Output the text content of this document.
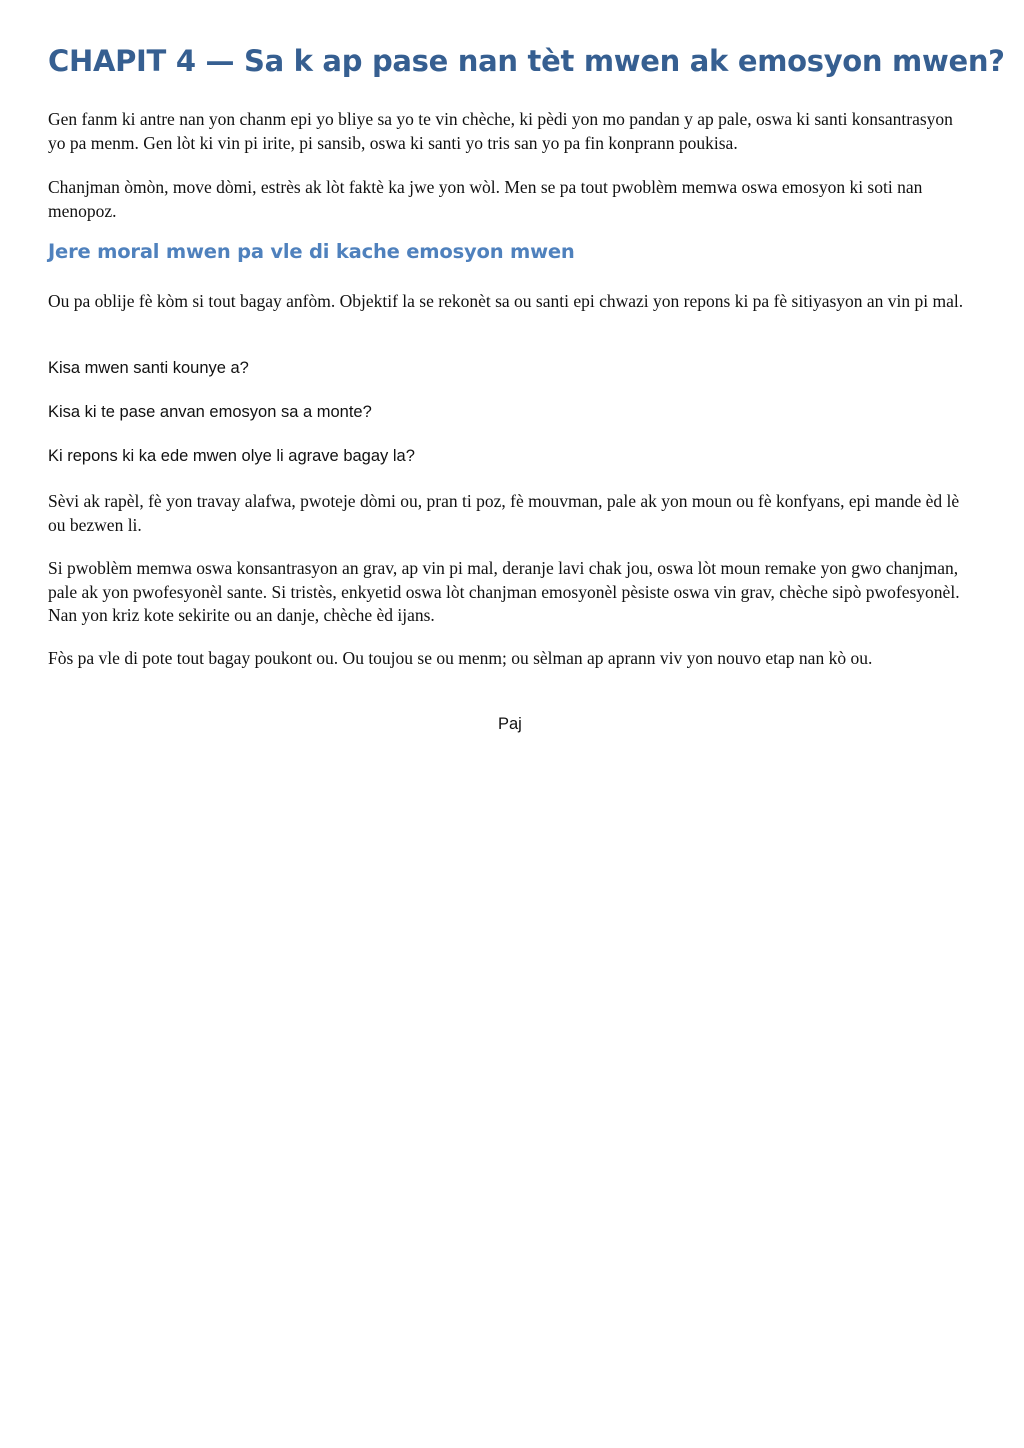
CHAPIT 4 — Sa k ap pase nan tèt mwen ak emosyon mwen?

Gen fanm ki antre nan yon chanm epi yo bliye sa yo te vin chèche, ki pèdi yon mo pandan y ap pale, oswa ki santi konsantrasyon yo pa menm. Gen lòt ki vin pi irite, pi sansib, oswa ki santi yo tris san yo pa fin konprann poukisa.

Chanjman òmòn, move dòmi, estrès ak lòt faktè ka jwe yon wòl. Men se pa tout pwoblèm memwa oswa emosyon ki soti nan menopoz.

Jere moral mwen pa vle di kache emosyon mwen

Ou pa oblije fè kòm si tout bagay anfòm. Objektif la se rekonèt sa ou santi epi chwazi yon repons ki pa fè sitiyasyon an vin pi mal.

Kisa mwen santi kounye a?

Kisa ki te pase anvan emosyon sa a monte?

Ki repons ki ka ede mwen olye li agrave bagay la?

Sèvi ak rapèl, fè yon travay alafwa, pwoteje dòmi ou, pran ti poz, fè mouvman, pale ak yon moun ou fè konfyans, epi mande èd lè ou bezwen li.

Si pwoblèm memwa oswa konsantrasyon an grav, ap vin pi mal, deranje lavi chak jou, oswa lòt moun remake yon gwo chanjman, pale ak yon pwofesyonèl sante. Si tristès, enkyetid oswa lòt chanjman emosyonèl pèsiste oswa vin grav, chèche sipò pwofesyonèl. Nan yon kriz kote sekirite ou an danje, chèche èd ijans.

Fòs pa vle di pote tout bagay poukont ou. Ou toujou se ou menm; ou sèlman ap aprann viv yon nouvo etap nan kò ou.

Paj
